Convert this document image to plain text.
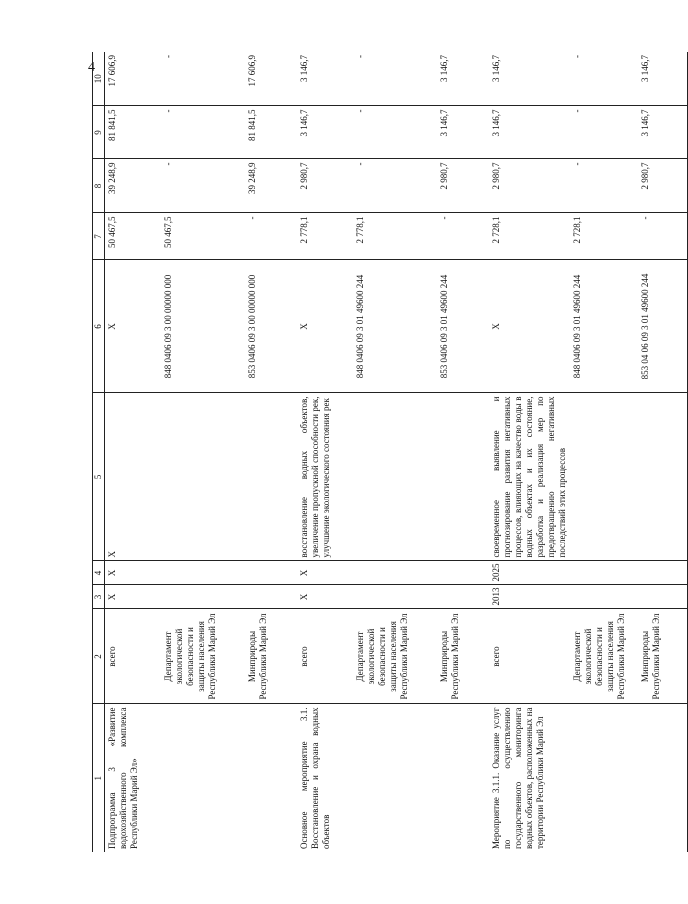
4
1	2	3	4	5	6	7	8	9	10
Подпрограмма 3 «Развитие водохозяйственного комплекса Республики Марий Эл»	всего	X	X	X	X	50 467,5	39 248,9	81 841,5	17 606,9
	Департамент экологической безопасности и защиты населения Республики Марий Эл				848 0406 09 3 00 00000 000	50 467,5	-	-	-
	Минприроды Республики Марий Эл				853 0406 09 3 00 00000 000	-	39 248,9	81 841,5	17 606,9
Основное мероприятие 3.1. Восстановление и охрана водных объектов	всего	X	X	восстановление водных объектов, увеличение пропускной способности рек, улучшение экологического состояния рек	X	2 778,1	2 980,7	3 146,7	3 146,7
	Департамент экологической безопасности и защиты населения Республики Марий Эл				848 0406 09 3 01 49600 244	2 778,1	-	-	-
	Минприроды Республики Марий Эл				853 0406 09 3 01 49600 244	-	2 980,7	3 146,7	3 146,7
Мероприятие 3.1.1. Оказание услуг по осуществлению государственного мониторинга водных объектов, расположенных на территории Республики Марий Эл	всего	2013	2025	своевременное выявление и прогнозирование развития негативных процессов, влияющих на качество воды в водных объектах и их состояние, разработка и реализация мер по предотвращению негативных последствий этих процессов	X	2 728,1	2 980,7	3 146,7	3 146,7
	Департамент экологической безопасности и защиты населения Республики Марий Эл				848 0406 09 3 01 49600 244	2 728,1	-	-	-
	Минприроды Республики Марий Эл				853 04 06 09 3 01 49600 244	-	2 980,7	3 146,7	3 146,7
